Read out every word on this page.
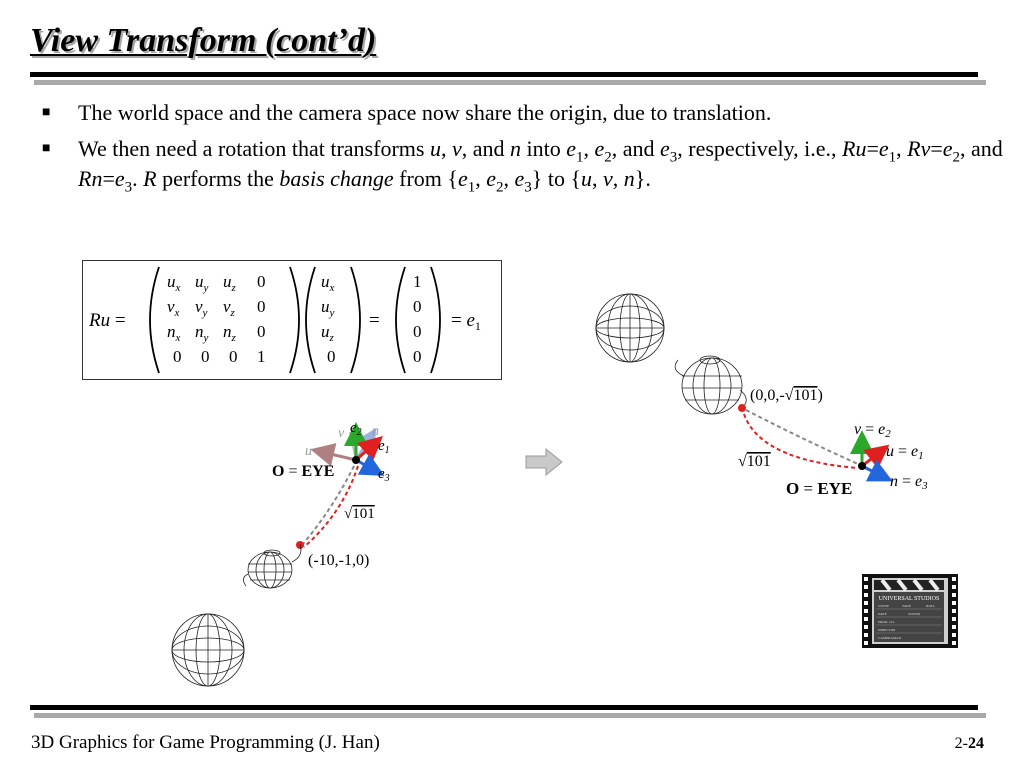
View Transform (cont’d)
■ The world space and the camera space now share the origin, due to translation.
■ We then need a rotation that transforms u, v, and n into $e_1$, $e_2$, and $e_3$, respectively, i.e., $Ru=e_1$, $Rv=e_2$, and $Rn=e_3$. R performs the basis change from {$e_1$, $e_2$, $e_3$} to {u, v, n}.
Ru =
$u_x$ $u_y$ $u_z$ 0
$v_x$ $v_y$ $v_z$ 0
$n_x$ $n_y$ $n_z$ 0
0 0 0 1
$u_x$
$u_y$
$u_z$
0
=
1
0
0
0
= $e_1$
u
v n
$e_2$
$e_1$
$e_3$
O = EYE
√101
(-10,-1,0)
(0,0,-√101)
√101
v = e2
u = e1
n = e3
O = EYE
UNIVERSAL STUDIOS
SCENE	TAKE	ROLL
DATE	SOUND
PROD. CO.
DIRECTOR
CAMERAMAN
3D Graphics for Game Programming (J. Han)	2-24
